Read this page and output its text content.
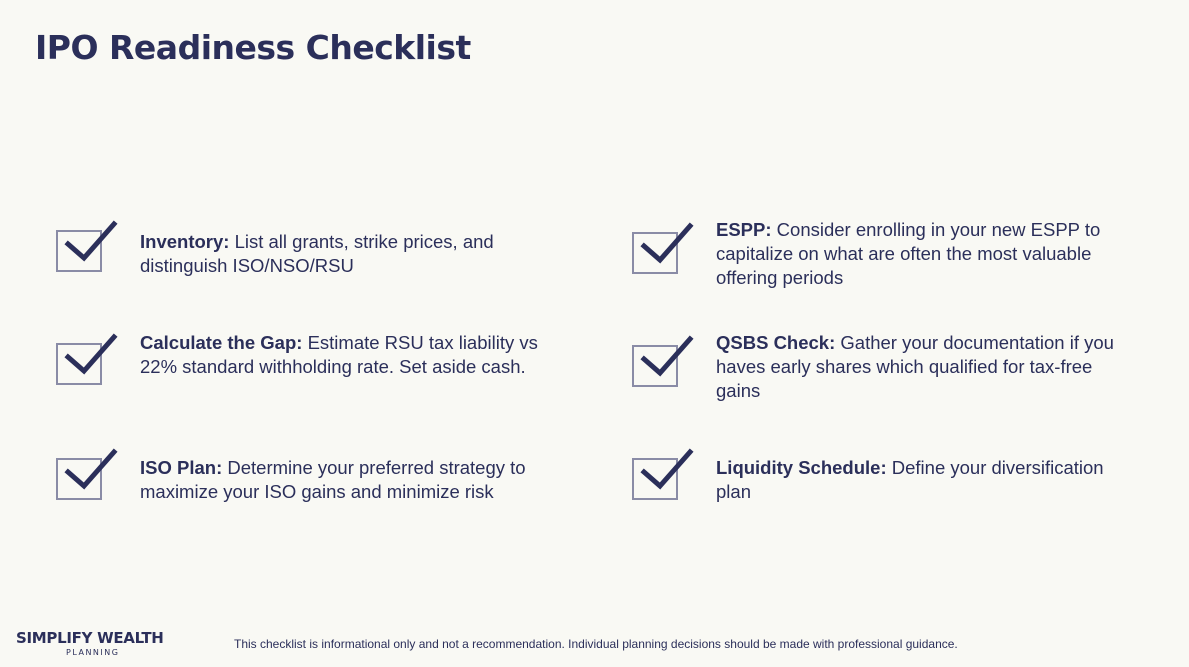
IPO Readiness Checklist
Inventory: List all grants, strike prices, and distinguish ISO/NSO/RSU
Calculate the Gap: Estimate RSU tax liability vs 22% standard withholding rate. Set aside cash.
ISO Plan: Determine your preferred strategy to maximize your ISO gains and minimize risk
ESPP: Consider enrolling in your new ESPP to capitalize on what are often the most valuable offering periods
QSBS Check: Gather your documentation if you haves early shares which qualified for tax-free gains
Liquidity Schedule: Define your diversification plan
SIMPLIFY WEALTH
PLANNING
This checklist is informational only and not a recommendation. Individual planning decisions should be made with professional guidance.
